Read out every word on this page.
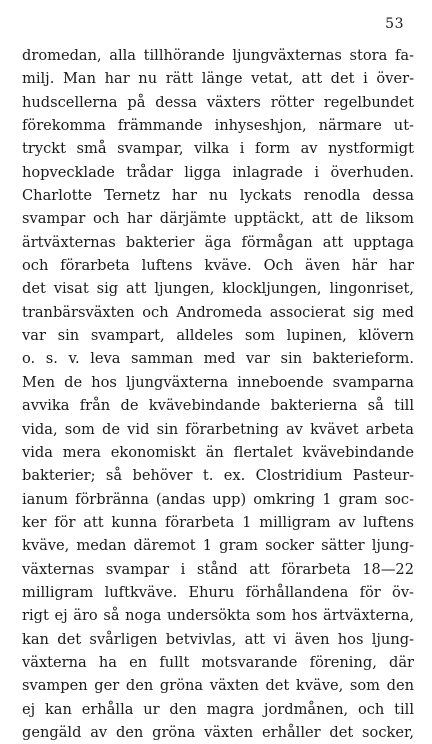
53
dromedan, alla tillhörande ljungväxternas stora fa-
milj. Man har nu rätt länge vetat, att det i över-
hudscellerna på dessa växters rötter regelbundet
förekomma främmande inhyseshjon, närmare ut-
tryckt små svampar, vilka i form av nystformigt
hopvecklade trådar ligga inlagrade i överhuden.
Charlotte Ternetz har nu lyckats renodla dessa
svampar och har därjämte upptäckt, att de liksom
ärtväxternas bakterier äga förmågan att upptaga
och förarbeta luftens kväve. Och även här har
det visat sig att ljungen, klockljungen, lingonriset,
tranbärsväxten och Andromeda associerat sig med
var sin svampart, alldeles som lupinen, klövern
o. s. v. leva samman med var sin bakterieform.
Men de hos ljungväxterna inneboende svamparna
avvika från de kvävebindande bakterierna så till
vida, som de vid sin förarbetning av kvävet arbeta
vida mera ekonomiskt än flertalet kvävebindande
bakterier; så behöver t. ex. Clostridium Pasteur-
ianum förbränna (andas upp) omkring 1 gram soc-
ker för att kunna förarbeta 1 milligram av luftens
kväve, medan däremot 1 gram socker sätter ljung-
växternas svampar i stånd att förarbeta 18—22
milligram luftkväve. Ehuru förhållandena för öv-
rigt ej äro så noga undersökta som hos ärtväxterna,
kan det svårligen betvivlas, att vi även hos ljung-
växterna ha en fullt motsvarande förening, där
svampen ger den gröna växten det kväve, som den
ej kan erhålla ur den magra jordmånen, och till
gengäld av den gröna växten erhåller det socker,
